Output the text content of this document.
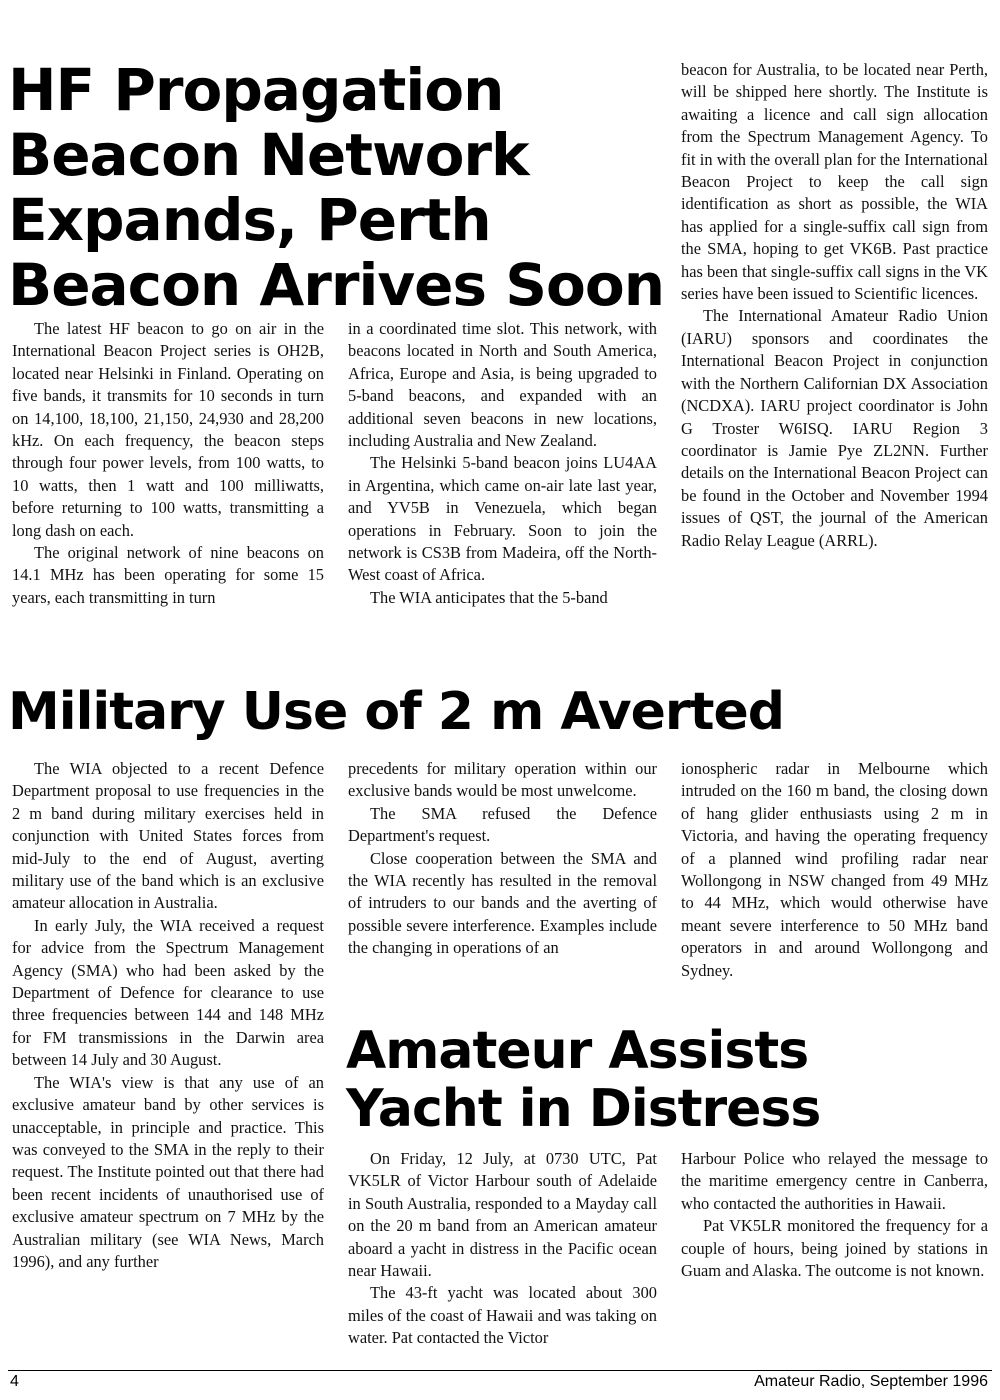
HF Propagation
Beacon Network
Expands, Perth
Beacon Arrives Soon

The latest HF beacon to go on air in the International Beacon Project series is OH2B, located near Helsinki in Finland. Operating on five bands, it transmits for 10 seconds in turn on 14,100, 18,100, 21,150, 24,930 and 28,200 kHz. On each frequency, the beacon steps through four power levels, from 100 watts, to 10 watts, then 1 watt and 100 milliwatts, before returning to 100 watts, transmitting a long dash on each.

The original network of nine beacons on 14.1 MHz has been operating for some 15 years, each transmitting in turn

in a coordinated time slot. This network, with beacons located in North and South America, Africa, Europe and Asia, is being upgraded to 5-band beacons, and expanded with an additional seven beacons in new locations, including Australia and New Zealand.

The Helsinki 5-band beacon joins LU4AA in Argentina, which came on-air late last year, and YV5B in Venezuela, which began operations in February. Soon to join the network is CS3B from Madeira, off the North-West coast of Africa.

The WIA anticipates that the 5-band

beacon for Australia, to be located near Perth, will be shipped here shortly. The Institute is awaiting a licence and call sign allocation from the Spectrum Management Agency. To fit in with the overall plan for the International Beacon Project to keep the call sign identification as short as possible, the WIA has applied for a single-suffix call sign from the SMA, hoping to get VK6B. Past practice has been that single-suffix call signs in the VK series have been issued to Scientific licences.

The International Amateur Radio Union (IARU) sponsors and coordinates the International Beacon Project in conjunction with the Northern Californian DX Association (NCDXA). IARU project coordinator is John G Troster W6ISQ. IARU Region 3 coordinator is Jamie Pye ZL2NN. Further details on the International Beacon Project can be found in the October and November 1994 issues of QST, the journal of the American Radio Relay League (ARRL).

Military Use of 2 m Averted

The WIA objected to a recent Defence Department proposal to use frequencies in the 2 m band during military exercises held in conjunction with United States forces from mid-July to the end of August, averting military use of the band which is an exclusive amateur allocation in Australia.

In early July, the WIA received a request for advice from the Spectrum Management Agency (SMA) who had been asked by the Department of Defence for clearance to use three frequencies between 144 and 148 MHz for FM transmissions in the Darwin area between 14 July and 30 August.

The WIA's view is that any use of an exclusive amateur band by other services is unacceptable, in principle and practice. This was conveyed to the SMA in the reply to their request. The Institute pointed out that there had been recent incidents of unauthorised use of exclusive amateur spectrum on 7 MHz by the Australian military (see WIA News, March 1996), and any further

precedents for military operation within our exclusive bands would be most unwelcome.

The SMA refused the Defence Department's request.

Close cooperation between the SMA and the WIA recently has resulted in the removal of intruders to our bands and the averting of possible severe interference. Examples include the changing in operations of an

ionospheric radar in Melbourne which intruded on the 160 m band, the closing down of hang glider enthusiasts using 2 m in Victoria, and having the operating frequency of a planned wind profiling radar near Wollongong in NSW changed from 49 MHz to 44 MHz, which would otherwise have meant severe interference to 50 MHz band operators in and around Wollongong and Sydney.

Amateur Assists
Yacht in Distress

On Friday, 12 July, at 0730 UTC, Pat VK5LR of Victor Harbour south of Adelaide in South Australia, responded to a Mayday call on the 20 m band from an American amateur aboard a yacht in distress in the Pacific ocean near Hawaii.

The 43-ft yacht was located about 300 miles of the coast of Hawaii and was taking on water. Pat contacted the Victor

Harbour Police who relayed the message to the maritime emergency centre in Canberra, who contacted the authorities in Hawaii.

Pat VK5LR monitored the frequency for a couple of hours, being joined by stations in Guam and Alaska. The outcome is not known.

4	Amateur Radio, September 1996
